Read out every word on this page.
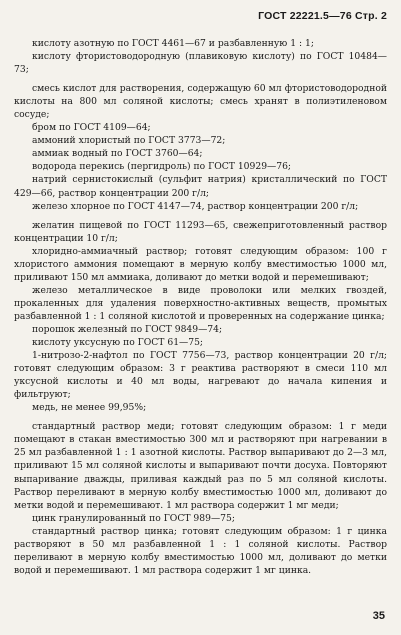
ГОСТ 22221.5—76 Стр. 2

кислоту азотную по ГОСТ 4461—67 и разбавленную 1 : 1;

кислоту фтористоводородную (плавиковую кислоту) по ГОСТ 10484—73;

смесь кислот для растворения, содержащую 60 мл фтористоводородной кислоты на 800 мл соляной кислоты; смесь хранят в полиэтиленовом сосуде;

бром по ГОСТ 4109—64;

аммоний хлористый по ГОСТ 3773—72;

аммиак водный по ГОСТ 3760—64;

водорода перекись (пергидроль) по ГОСТ 10929—76;

натрий сернистокислый (сульфит натрия) кристаллический по ГОСТ 429—66, раствор концентрации 200 г/л;

железо хлорное по ГОСТ 4147—74, раствор концентрации 200 г/л;

желатин пищевой по ГОСТ 11293—65, свежеприготовленный раствор концентрации 10 г/л;

хлоридно-аммиачный раствор; готовят следующим образом: 100 г хлористого аммония помещают в мерную колбу вместимостью 1000 мл, приливают 150 мл аммиака, доливают до метки водой и перемешивают;

железо металлическое в виде проволоки или мелких гвоздей, прокаленных для удаления поверхностно-активных веществ, промытых разбавленной 1 : 1 соляной кислотой и проверенных на содержание цинка;

порошок железный по ГОСТ 9849—74;

кислоту уксусную по ГОСТ 61—75;

1-нитрозо-2-нафтол по ГОСТ 7756—73, раствор концентрации 20 г/л; готовят следующим образом: 3 г реактива растворяют в смеси 110 мл уксусной кислоты и 40 мл воды, нагревают до начала кипения и фильтруют;

медь, не менее 99,95%;

стандартный раствор меди; готовят следующим образом: 1 г меди помещают в стакан вместимостью 300 мл и растворяют при нагревании в 25 мл разбавленной 1 : 1 азотной кислоты. Раствор выпаривают до 2—3 мл, приливают 15 мл соляной кислоты и выпаривают почти досуха. Повторяют выпаривание дважды, приливая каждый раз по 5 мл соляной кислоты. Раствор переливают в мерную колбу вместимостью 1000 мл, доливают до метки водой и перемешивают. 1 мл раствора содержит 1 мг меди;

цинк гранулированный по ГОСТ 989—75;

стандартный раствор цинка; готовят следующим образом: 1 г цинка растворяют в 50 мл разбавленной 1 : 1 соляной кислоты. Раствор переливают в мерную колбу вместимостью 1000 мл, доливают до метки водой и перемешивают. 1 мл раствора содержит 1 мг цинка.

35
